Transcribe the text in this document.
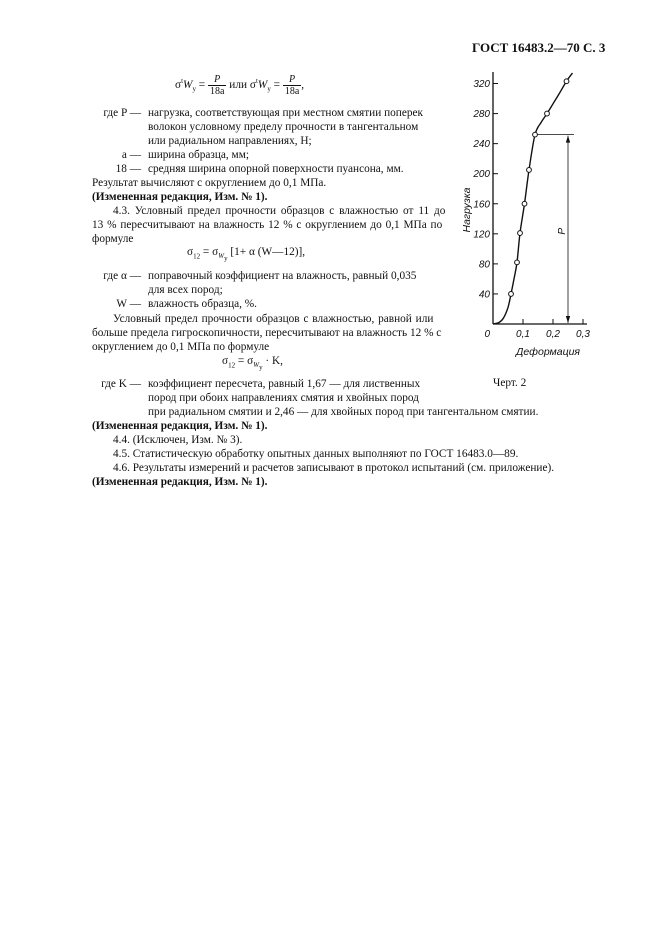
ГОСТ 16483.2—70 С. 3
$\sigma^tW_у = \frac{P}{18a}$ или $\sigma^tW_у = \frac{P}{18a}$ ,
где P — нагрузка, соответствующая при местном смятии поперек
волокон условному пределу прочности в тангентальном
или радиальном направлениях, Н;
a — ширина образца, мм;
18 — средняя ширина опорной поверхности пуансона, мм.
Результат вычисляют с округлением до 0,1 МПа.
(Измененная редакция, Изм. № 1).
4.3. Условный предел прочности образцов с влажностью от 11 до
13 % пересчитывают на влажность 12 % с округлением до 0,1 МПа по
формуле
$\sigma_{12} = \sigma_{W_у}$ [1+ α (W—12)],
где α — поправочный коэффициент на влажность, равный 0,035
для всех пород;
W — влажность образца, %.
Условный предел прочности образцов с влажностью, равной или
больше предела гигроскопичности, пересчитывают на влажность 12 % с
округлением до 0,1 МПа по формуле
$\sigma_{12} = \sigma_{W_у} \cdot K$,
где K — коэффициент пересчета, равный 1,67 — для лиственных
пород при обоих направлениях смятия и хвойных пород
при радиальном смятии и 2,46 — для хвойных пород при тангентальном смятии.
(Измененная редакция, Изм. № 1).
4.4. (Исключен, Изм. № 3).
4.5. Статистическую обработку опытных данных выполняют по ГОСТ 16483.0—89.
4.6. Результаты измерений и расчетов записывают в протокол испытаний (см. приложение).
(Измененная редакция, Изм. № 1).
40
80
120
160
200
240
280
320
0	0,1 0,2 0,3
Нагрузка
Деформация
P
Черт. 2
